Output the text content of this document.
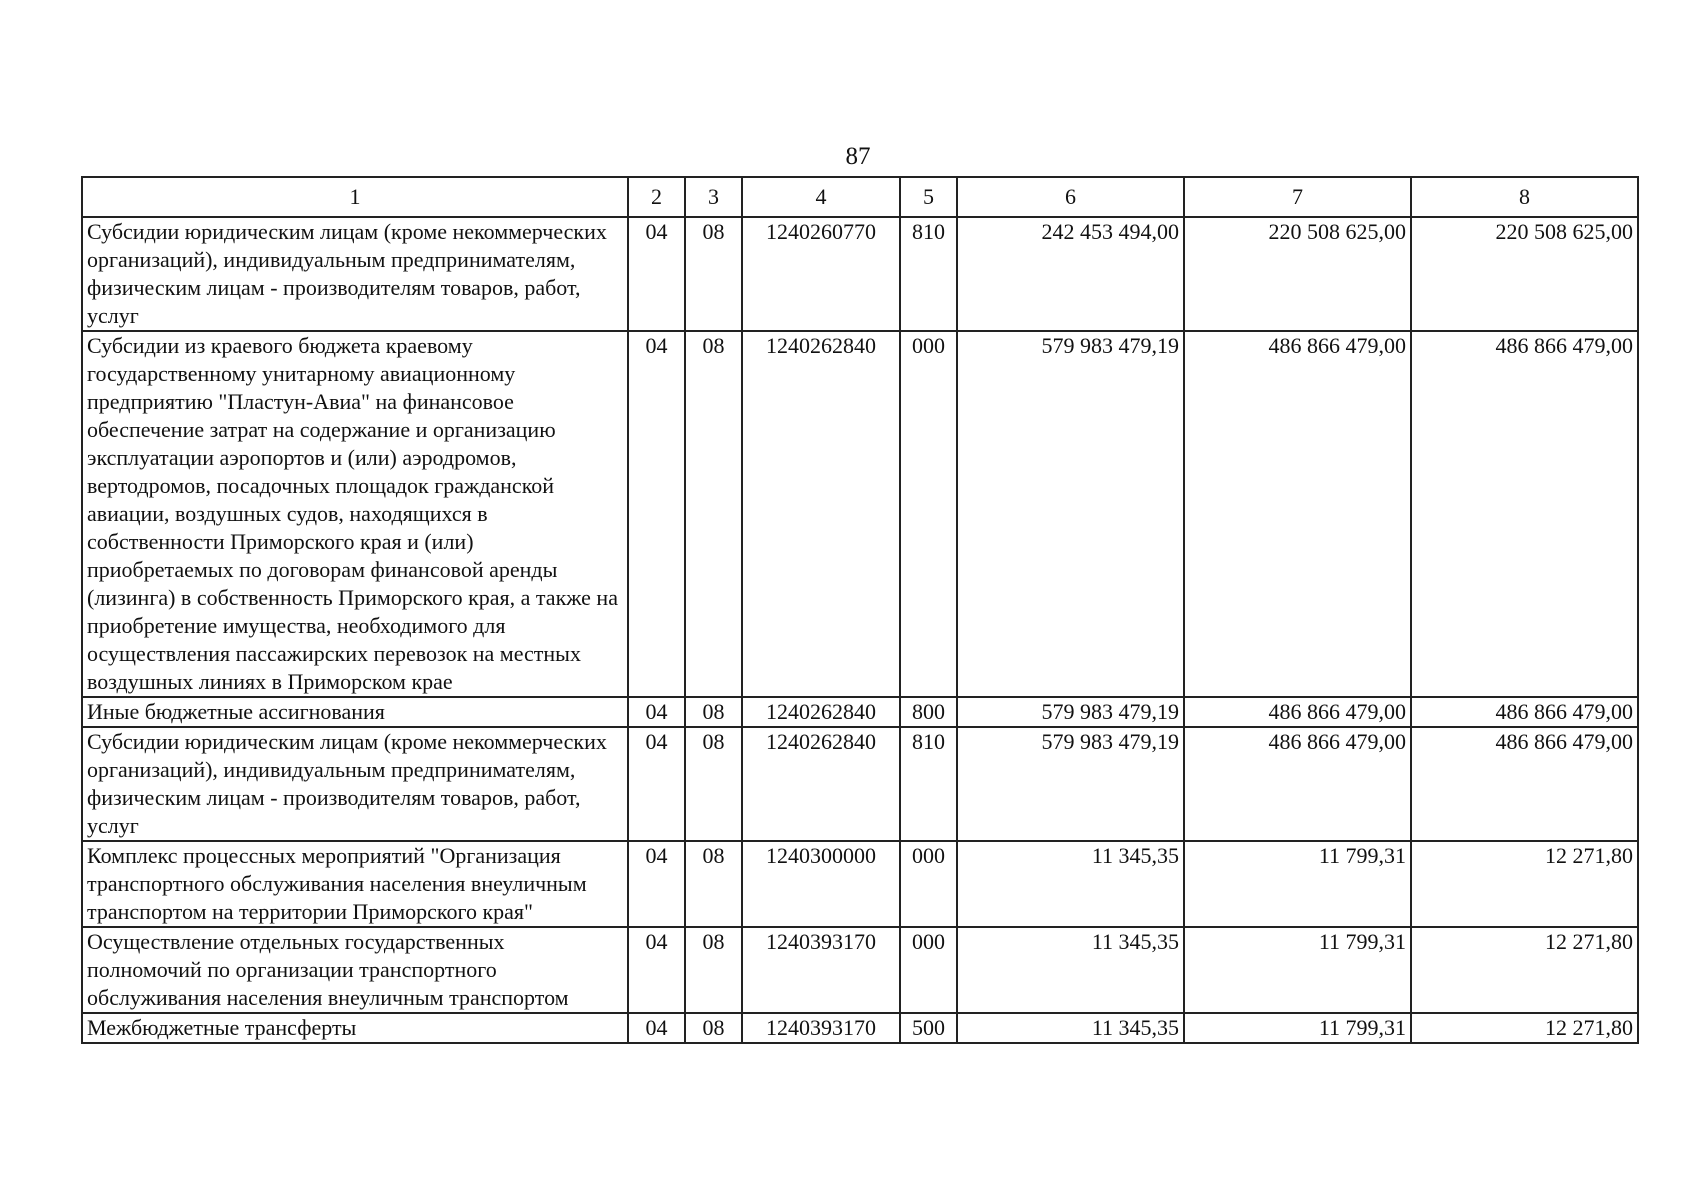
87
1	2	3	4	5	6	7	8
Субсидии юридическим лицам (кроме некоммерческих организаций), индивидуальным предпринимателям, физическим лицам - производителям товаров, работ, услуг	04	08	1240260770	810	242 453 494,00	220 508 625,00	220 508 625,00
Субсидии из краевого бюджета краевому государственному унитарному авиационному предприятию "Пластун-Авиа" на финансовое обеспечение затрат на содержание и организацию эксплуатации аэропортов и (или) аэродромов, вертодромов, посадочных площадок гражданской авиации, воздушных судов, находящихся в собственности Приморского края и (или) приобретаемых по договорам финансовой аренды (лизинга) в собственность Приморского края, а также на приобретение имущества, необходимого для осуществления пассажирских перевозок на местных воздушных линиях в Приморском крае	04	08	1240262840	000	579 983 479,19	486 866 479,00	486 866 479,00
Иные бюджетные ассигнования	04	08	1240262840	800	579 983 479,19	486 866 479,00	486 866 479,00
Субсидии юридическим лицам (кроме некоммерческих организаций), индивидуальным предпринимателям, физическим лицам - производителям товаров, работ, услуг	04	08	1240262840	810	579 983 479,19	486 866 479,00	486 866 479,00
Комплекс процессных мероприятий "Организация транспортного обслуживания населения внеуличным транспортом на территории Приморского края"	04	08	1240300000	000	11 345,35	11 799,31	12 271,80
Осуществление отдельных государственных полномочий по организации транспортного обслуживания населения внеуличным транспортом	04	08	1240393170	000	11 345,35	11 799,31	12 271,80
Межбюджетные трансферты	04	08	1240393170	500	11 345,35	11 799,31	12 271,80
